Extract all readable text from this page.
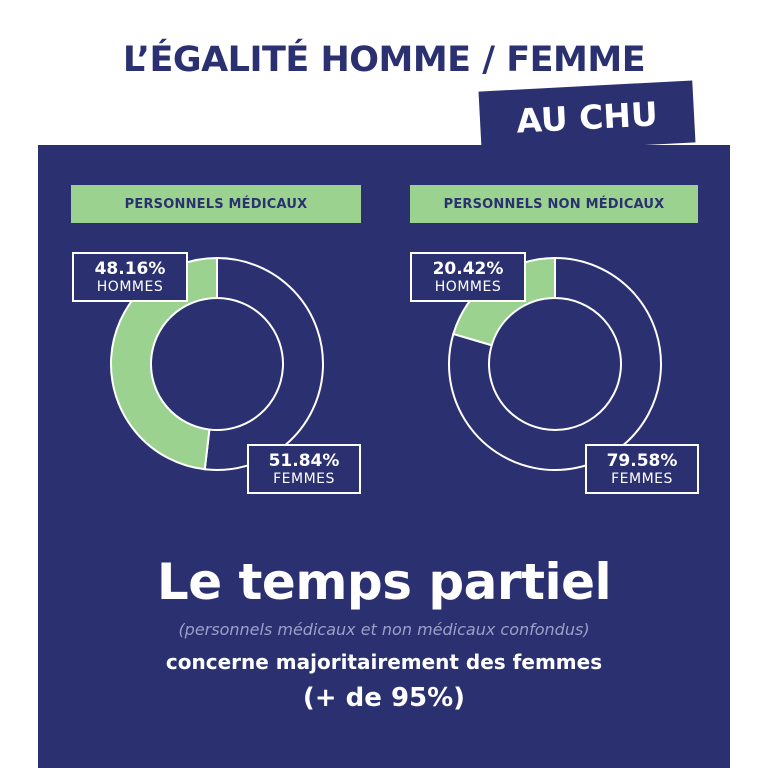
L’ÉGALITÉ HOMME / FEMME
AU CHU
PERSONNELS MÉDICAUX	PERSONNELS NON MÉDICAUX
48.16%
HOMMES
51.84%
FEMMES
20.42%
HOMMES
79.58%
FEMMES
Le temps partiel
(personnels médicaux et non médicaux confondus)
concerne majoritairement des femmes
(+ de 95%)
